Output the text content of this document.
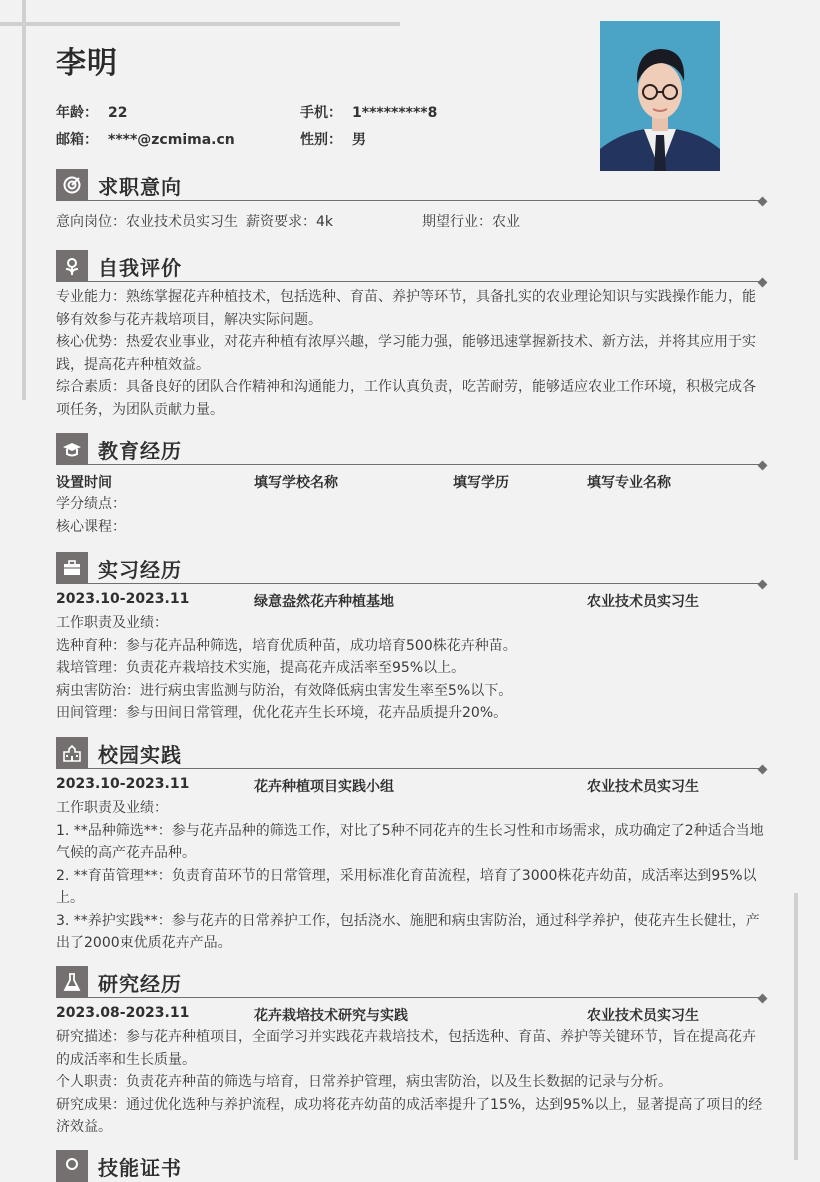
李明
年龄： 22	手机： 1*********8
邮箱： ****@zcmima.cn	性别： 男
求职意向
意向岗位：农业技术员实习生 薪资要求：4k	期望行业：农业
自我评价

专业能力：熟练掌握花卉种植技术，包括选种、育苗、养护等环节，具备扎实的农业理论知识与实践操作能力，能够有效参与花卉栽培项目，解决实际问题。

核心优势：热爱农业事业，对花卉种植有浓厚兴趣，学习能力强，能够迅速掌握新技术、新方法，并将其应用于实践，提高花卉种植效益。

综合素质：具备良好的团队合作精神和沟通能力，工作认真负责，吃苦耐劳，能够适应农业工作环境，积极完成各项任务，为团队贡献力量。

教育经历
设置时间	填写学校名称	填写学历	填写专业名称

学分绩点：

核心课程：

实习经历
2023.10-2023.11	绿意盎然花卉种植基地	农业技术员实习生

工作职责及业绩：

选种育种：参与花卉品种筛选，培育优质种苗，成功培育500株花卉种苗。

栽培管理：负责花卉栽培技术实施，提高花卉成活率至95%以上。

病虫害防治：进行病虫害监测与防治，有效降低病虫害发生率至5%以下。

田间管理：参与田间日常管理，优化花卉生长环境，花卉品质提升20%。

校园实践
2023.10-2023.11	花卉种植项目实践小组	农业技术员实习生

工作职责及业绩：

1. **品种筛选**：参与花卉品种的筛选工作，对比了5种不同花卉的生长习性和市场需求，成功确定了2种适合当地气候的高产花卉品种。

2. **育苗管理**：负责育苗环节的日常管理，采用标准化育苗流程，培育了3000株花卉幼苗，成活率达到95%以上。

3. **养护实践**：参与花卉的日常养护工作，包括浇水、施肥和病虫害防治，通过科学养护，使花卉生长健壮，产出了2000束优质花卉产品。

研究经历
2023.08-2023.11	花卉栽培技术研究与实践	农业技术员实习生

研究描述：参与花卉种植项目，全面学习并实践花卉栽培技术，包括选种、育苗、养护等关键环节，旨在提高花卉的成活率和生长质量。

个人职责：负责花卉种苗的筛选与培育，日常养护管理，病虫害防治，以及生长数据的记录与分析。

研究成果：通过优化选种与养护流程，成功将花卉幼苗的成活率提升了15%，达到95%以上，显著提高了项目的经济效益。

技能证书
